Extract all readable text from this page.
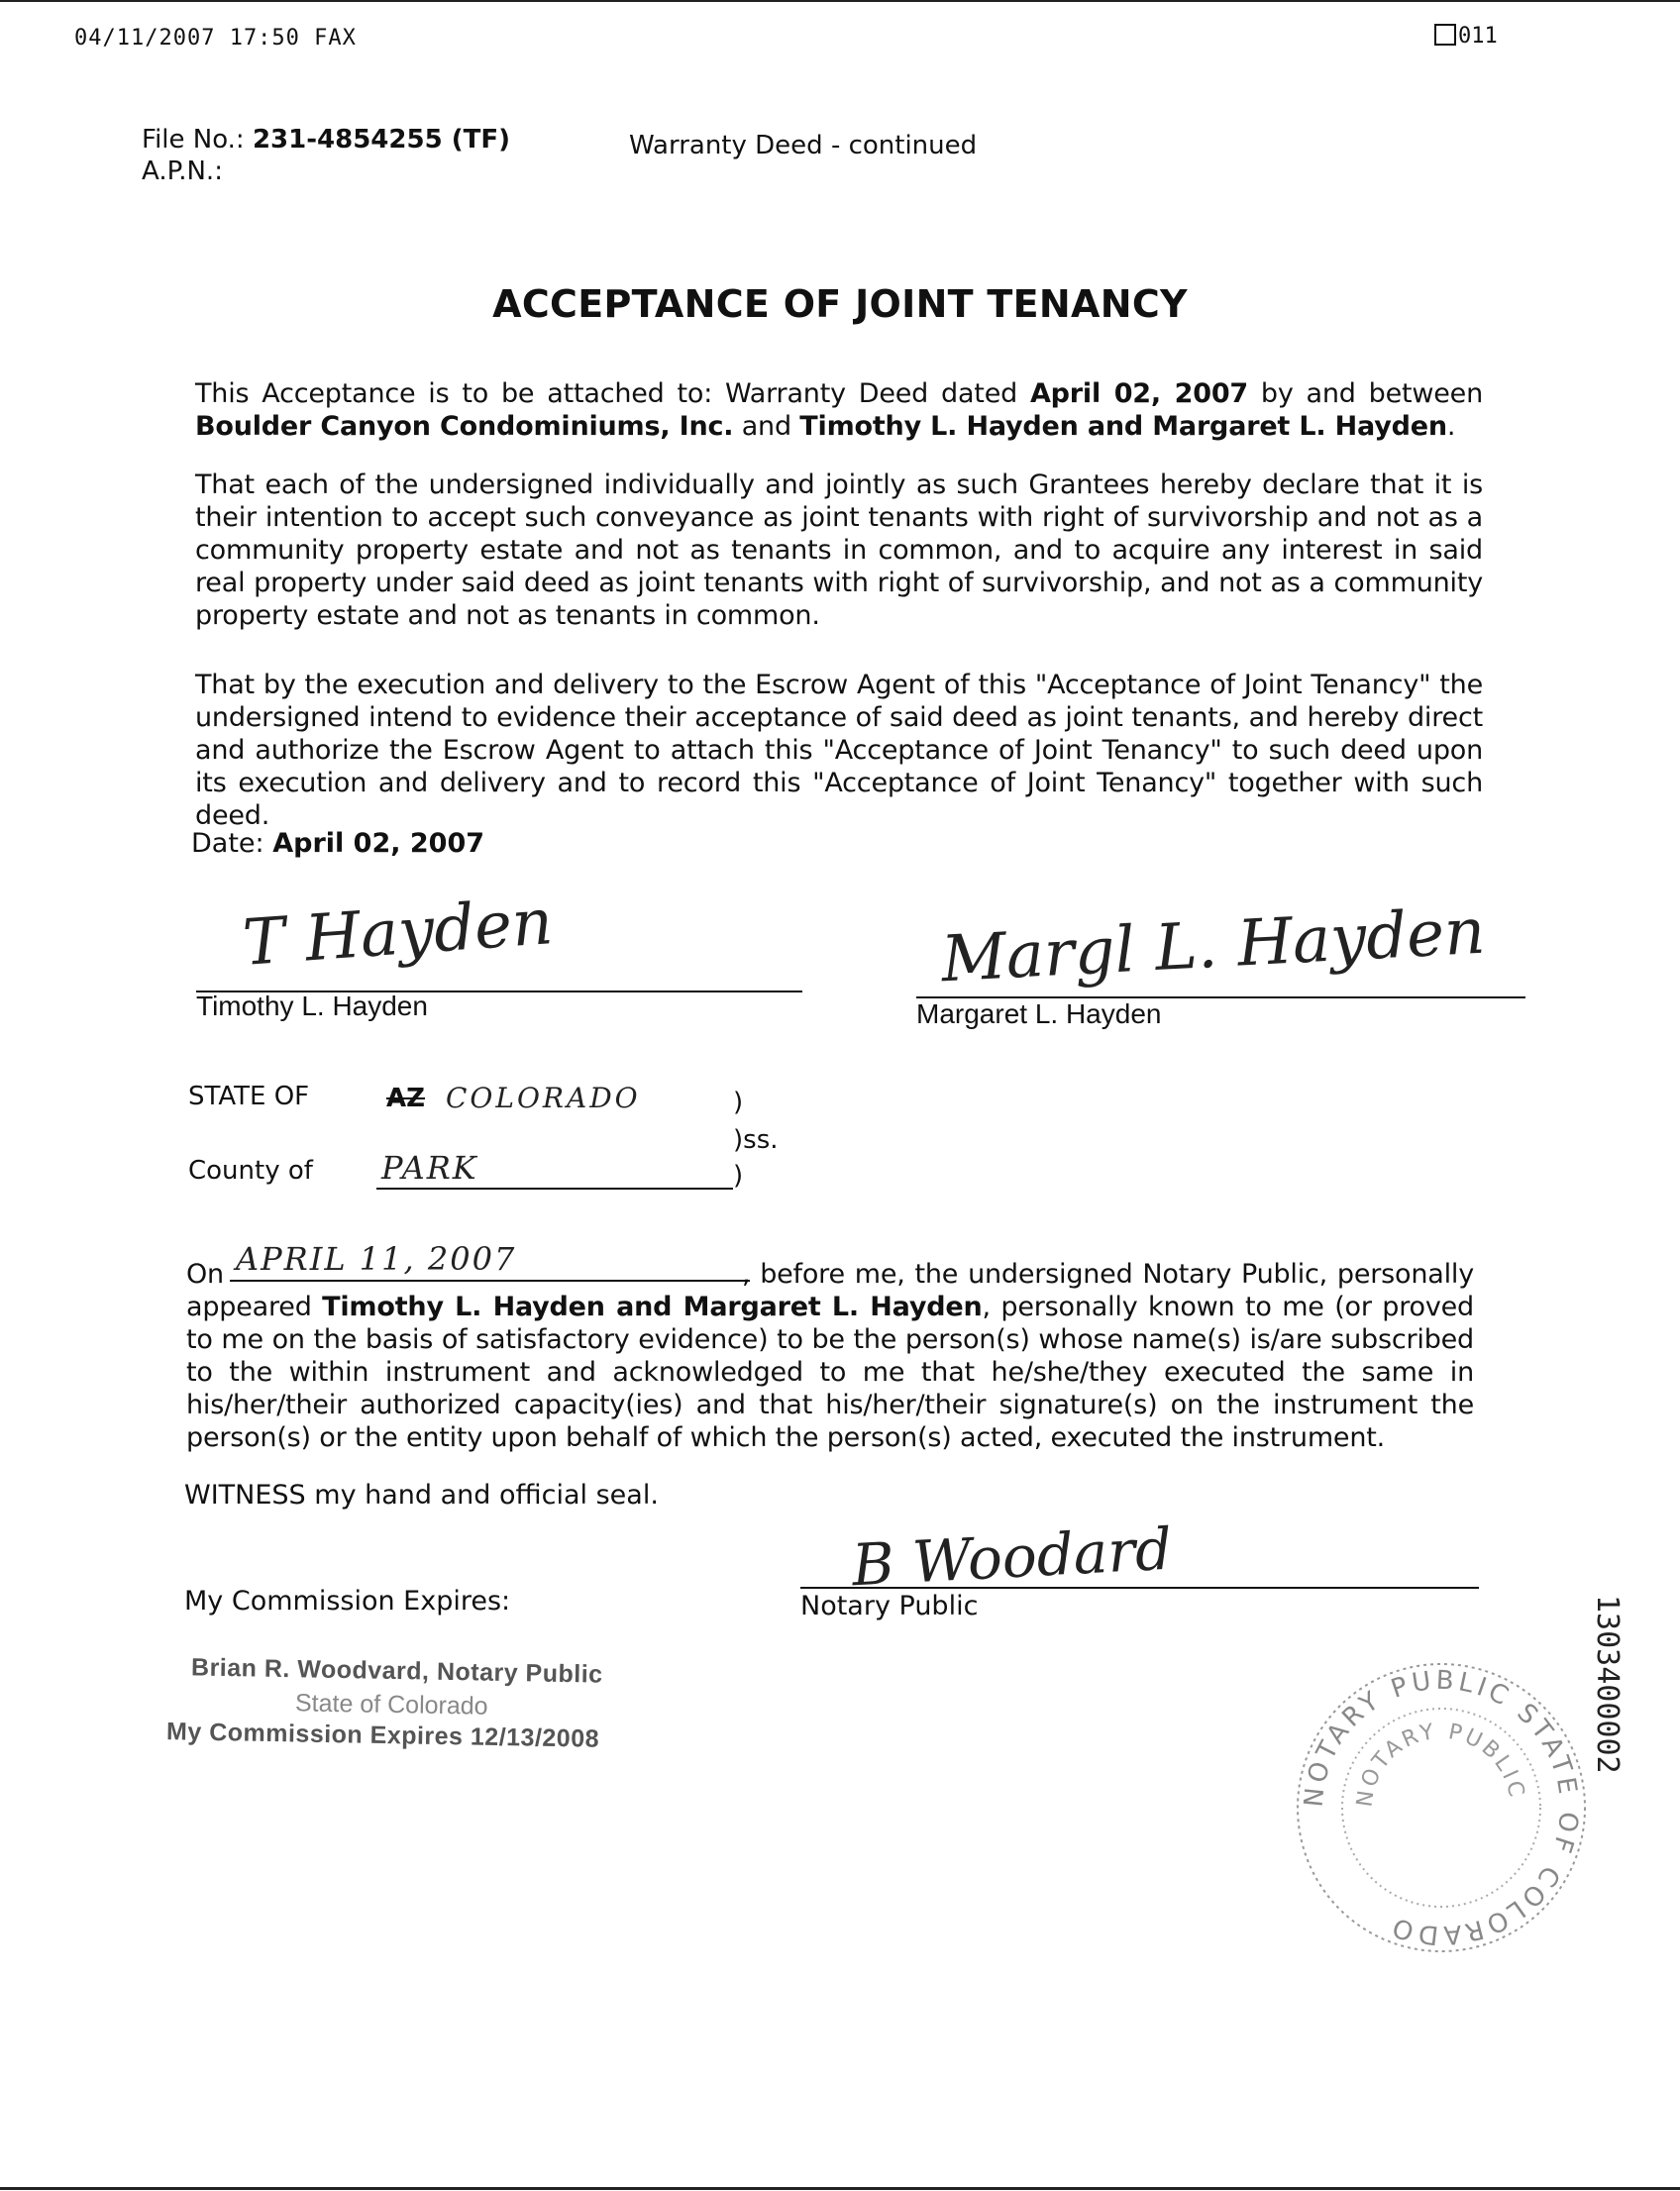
04/11/2007 17:50 FAX	011
File No.: 231-4854255 (TF)
A.P.N.:
Warranty Deed - continued
ACCEPTANCE OF JOINT TENANCY
This Acceptance is to be attached to: Warranty Deed dated April 02, 2007 by and between Boulder Canyon Condominiums, Inc. and Timothy L. Hayden and Margaret L. Hayden.
That each of the undersigned individually and jointly as such Grantees hereby declare that it is their intention to accept such conveyance as joint tenants with right of survivorship and not as a community property estate and not as tenants in common, and to acquire any interest in said real property under said deed as joint tenants with right of survivorship, and not as a community property estate and not as tenants in common.
That by the execution and delivery to the Escrow Agent of this "Acceptance of Joint Tenancy" the undersigned intend to evidence their acceptance of said deed as joint tenants, and hereby direct and authorize the Escrow Agent to attach this "Acceptance of Joint Tenancy" to such deed upon its execution and delivery and to record this "Acceptance of Joint Tenancy" together with such deed.
Date: April 02, 2007
T Hayden
Timothy L. Hayden
Margl L. Hayden
Margaret L. Hayden
STATE OF	AZ COLORADO	)
)ss.
County of PARK	)
APRIL 11, 2007
On	, before me, the undersigned Notary Public, personally appeared Timothy L. Hayden and Margaret L. Hayden, personally known to me (or proved to me on the basis of satisfactory evidence) to be the person(s) whose name(s) is/are subscribed to the within instrument and acknowledged to me that he/she/they executed the same in his/her/their authorized capacity(ies) and that his/her/their signature(s) on the instrument the person(s) or the entity upon behalf of which the person(s) acted, executed the instrument.
WITNESS my hand and official seal.
B Woodard
Notary Public
My Commission Expires:
Brian R. Woodvard, Notary Public
State of Colorado
My Commission Expires 12/13/2008
NOTARY PUBLIC STATE OF COLORADO
NOTARY PUBLIC
1303400002
